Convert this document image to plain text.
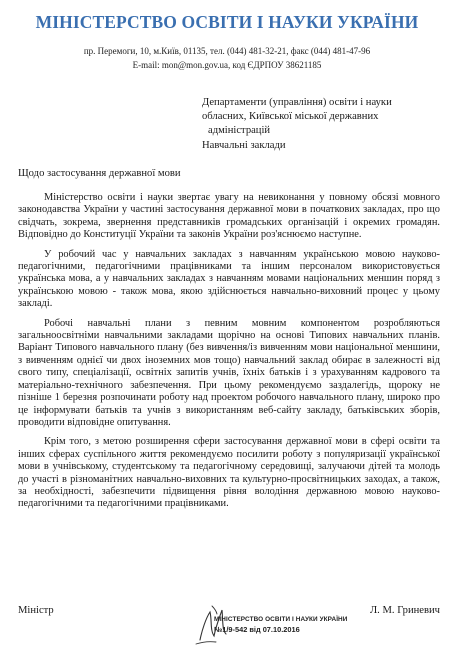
МІНІСТЕРСТВО ОСВІТИ І НАУКИ УКРАЇНИ
пр. Перемоги, 10, м.Київ, 01135, тел. (044) 481-32-21, факс (044) 481-47-96
E-mail: mon@mon.gov.ua, код ЄДРПОУ 38621185
Департаменти (управління) освіти і науки
обласних, Київської міської державних
адміністрацій
Навчальні заклади
Щодо застосування державної мови

Міністерство освіти і науки звертає увагу на невиконання у повному обсязі мовного законодавства України у частині застосування державної мови в початкових закладах, про що свідчать, зокрема, звернення представників громадських організацій і окремих громадян. Відповідно до Конституції України та законів України роз'яснюємо наступне.

У робочий час у навчальних закладах з навчанням українською мовою науково-педагогічними, педагогічними працівниками та іншим персоналом використовується українська мова, а у навчальних закладах з навчанням мовами національних меншин поряд з українською мовою - також мова, якою здійснюється навчально-виховний процес у цьому закладі.

Робочі навчальні плани з певним мовним компонентом розробляються загальноосвітніми навчальними закладами щорічно на основі Типових навчальних планів. Варіант Типового навчального плану (без вивчення/із вивченням мови національної меншини, з вивченням однієї чи двох іноземних мов тощо) навчальний заклад обирає в залежності від свого типу, спеціалізації, освітніх запитів учнів, їхніх батьків і з урахуванням кадрового та матеріально-технічного забезпечення. При цьому рекомендуємо заздалегідь, щороку не пізніше 1 березня розпочинати роботу над проектом робочого навчального плану, широко про це інформувати батьків та учнів з використанням веб-сайту закладу, батьківських зборів, проводити відповідне опитування.

Крім того, з метою розширення сфери застосування державної мови в сфері освіти та інших сферах суспільного життя рекомендуємо посилити роботу з популяризації української мови в учнівському, студентському та педагогічному середовищі, залучаючи дітей та молодь до участі в різноманітних навчально-виховних та культурно-просвітницьких заходах, а також, за необхідності, забезпечити підвищення рівня володіння державною мовою науково-педагогічними та педагогічними працівниками.

Міністр	Л. М. Гриневич
МІНІСТЕРСТВО ОСВІТИ І НАУКИ УКРАЇНИ
№1/9-542 від 07.10.2016
